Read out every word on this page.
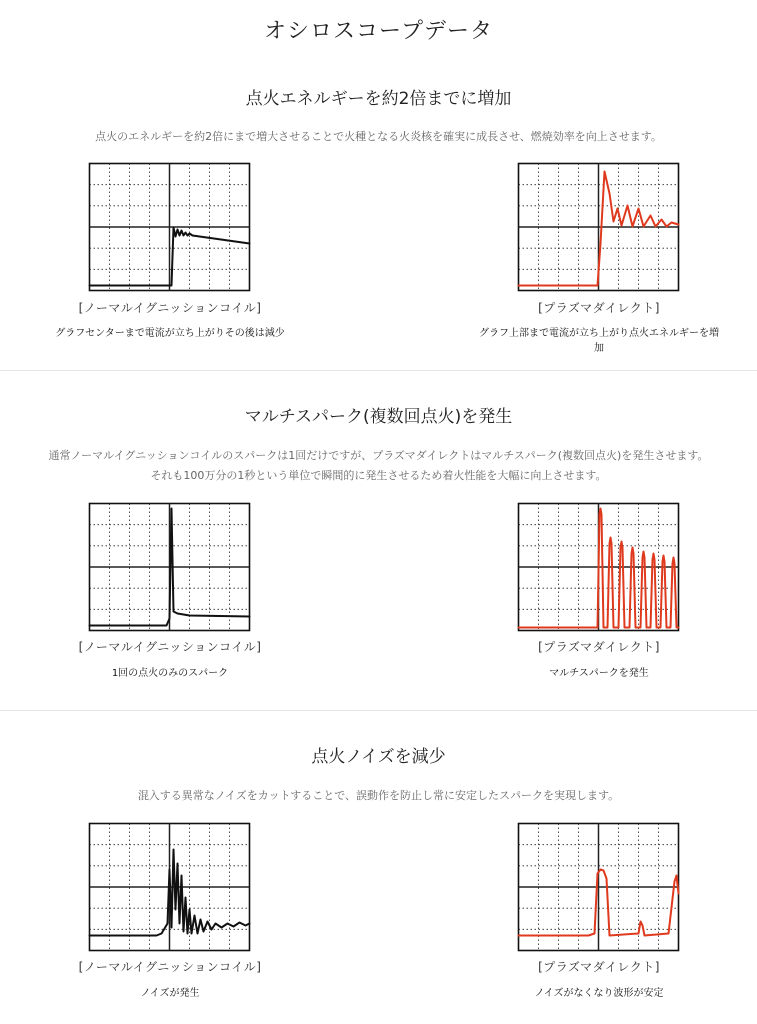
オシロスコープデータ
点火エネルギーを約2倍までに増加

点火のエネルギーを約2倍にまで増大させることで火種となる火炎核を確実に成長させ、燃焼効率を向上させます。

[ノーマルイグニッションコイル]
グラフセンターまで電流が立ち上がりその後は減少
[プラズマダイレクト]
グラフ上部まで電流が立ち上がり点火エネルギーを増加
マルチスパーク(複数回点火)を発生

通常ノーマルイグニッションコイルのスパークは1回だけですが、プラズマダイレクトはマルチスパーク(複数回点火)を発生させます。

それも100万分の1秒という単位で瞬間的に発生させるため着火性能を大幅に向上させます。

[ノーマルイグニッションコイル]
1回の点火のみのスパーク
[プラズマダイレクト]
マルチスパークを発生
点火ノイズを減少

混入する異常なノイズをカットすることで、誤動作を防止し常に安定したスパークを実現します。

[ノーマルイグニッションコイル]
ノイズが発生
[プラズマダイレクト]
ノイズがなくなり波形が安定
